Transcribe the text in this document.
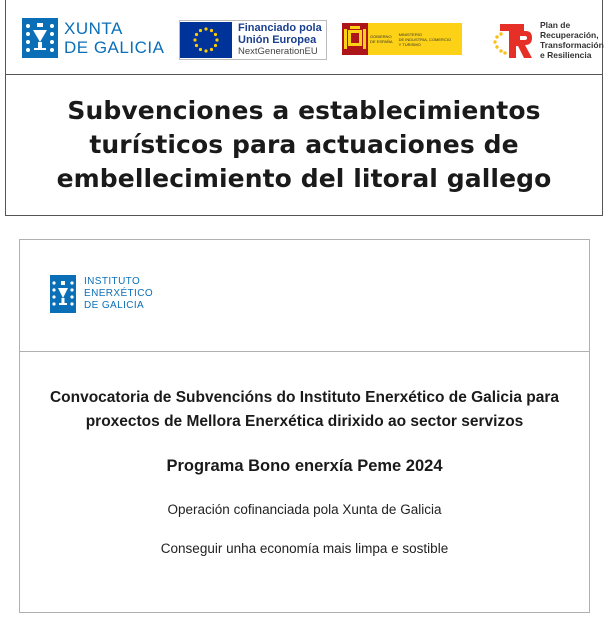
XUNTA
DE GALICIA
Financiado pola
Unión Europea
NextGenerationEU
GOBIERNO
DE ESPAÑA
MINISTERIO
DE INDUSTRIA, COMERCIO
Y TURISMO
Plan de
Recuperación,
Transformación
e Resiliencia
Subvenciones a establecimientos
turísticos para actuaciones de
embellecimiento del litoral gallego
INSTITUTO
ENERXÉTICO
DE GALICIA
Convocatoria de Subvencións do Instituto Enerxético de Galicia para
proxectos de Mellora Enerxética dirixido ao sector servizos
Programa Bono enerxía Peme 2024
Operación cofinanciada pola Xunta de Galicia
Conseguir unha economía mais limpa e sostible
